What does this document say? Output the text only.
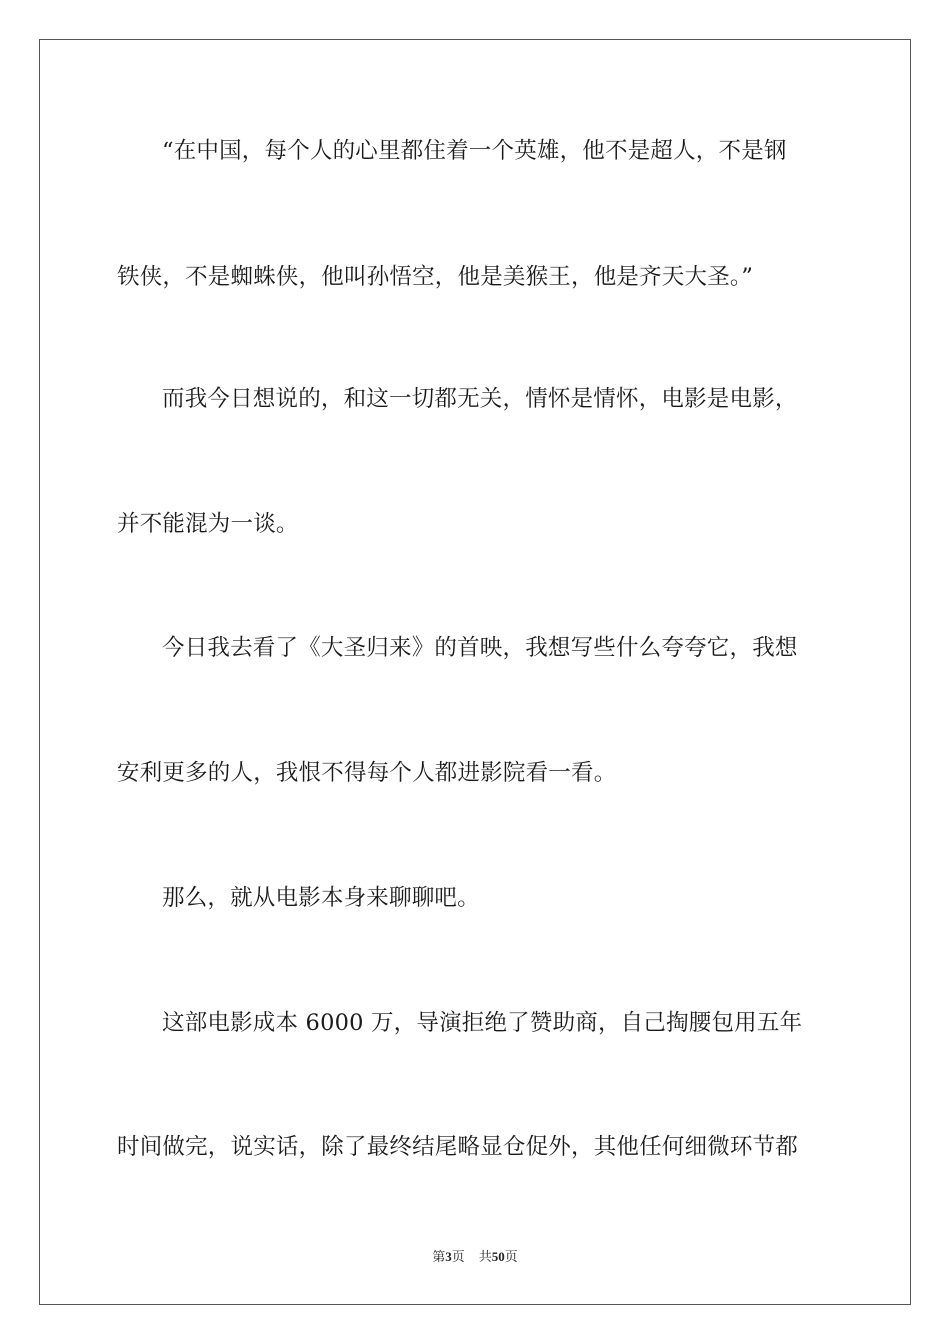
“在中国，每个人的心里都住着一个英雄，他不是超人，不是钢
铁侠，不是蜘蛛侠，他叫孙悟空，他是美猴王，他是齐天大圣。”
而我今日想说的，和这一切都无关，情怀是情怀，电影是电影，
并不能混为一谈。
今日我去看了《大圣归来》的首映，我想写些什么夸夸它，我想
安利更多的人，我恨不得每个人都进影院看一看。
那么，就从电影本身来聊聊吧。
这部电影成本 6000 万，导演拒绝了赞助商，自己掏腰包用五年
时间做完，说实话，除了最终结尾略显仓促外，其他任何细微环节都
第3页 共50页
